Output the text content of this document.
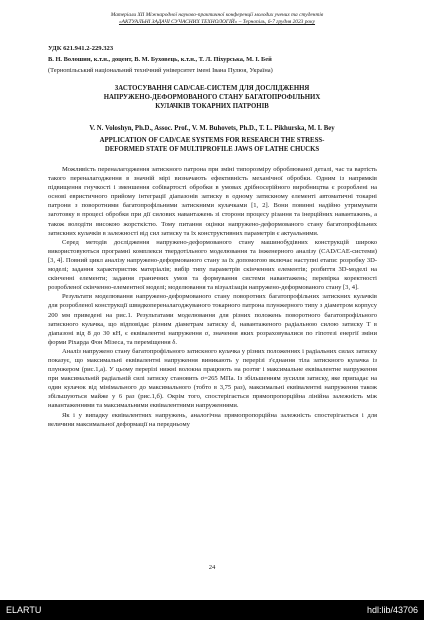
Матеріали XII Міжнародної науково-практичної конференції молодих учених та студентів
«АКТУАЛЬНІ ЗАДАЧІ СУЧАСНИХ ТЕХНОЛОГІЙ» – Тернопіль, 6-7 грудня 2023 року
УДК 621.941.2-229.323
В. Н. Волошин, к.т.н., доцент, В. М. Буховець, к.т.н., Т. Л. Піхурська, М. І. Бей
(Тернопільський національний технічний університет імені Івана Пулюя, Україна)
ЗАСТОСУВАННЯ CAD/CAE-СИСТЕМ ДЛЯ ДОСЛІДЖЕННЯ
НАПРУЖЕНО-ДЕФОРМОВАНОГО СТАНУ БАГАТОПРОФІЛЬНИХ
КУЛАЧКІВ ТОКАРНИХ ПАТРОНІВ
V. N. Voloshyn, Ph.D., Assoc. Prof., V. M. Buhovets, Ph.D., T. L. Pikhurska, M. I. Bey
APPLICATION OF CAD/CAE SYSTEMS FOR RESEARCH THE STRESS-
DEFORMED STATE OF MULTIPROFILE JAWS OF LATHE CHUCKS

Можливість переналагодження затискного патрона при зміні типорозміру оброблюваної деталі, час та вартість такого переналагодження в значній мірі визначають ефективність механічної обробки. Одним із напрямків підвищення гнучкості і зменшення собівартості обробки в умовах дрібносерійного виробництва є розроблені на основі евристичного прийому інтеграції діапазонів затиску в одному затискному елементі автоматичні токарні патрони з поворотними багатопрофільними затискними кулачками [1, 2]. Вони повинні надійно утримувати заготовку в процесі обробки при дії силових навантажень зі сторони процесу різання та інерційних навантажень, а також володіти високою жорсткістю. Тому питання оцінки напружено-деформованого стану багатопрофільних затискних кулачків в залежності від сил затиску та їх конструктивних параметрів є актуальними.

Серед методів дослідження напружено-деформованого стану машинобудівних конструкцій широко використовуються програмні комплекси твердотільного моделювання та інженерного аналізу (CAD/CAE-системи) [3, 4]. Повний цикл аналізу напружено-деформованого стану за їх допомогою включає наступні етапи: розробку 3D-моделі; задання характеристик матеріалів; вибір типу параметрів скінченних елементів; розбиття 3D-моделі на скінченні елементи; задання граничних умов та формування системи навантажень; перевірка коректності розробленої скінченно-елементної моделі; моделювання та візуалізація напружено-деформованого стану [3, 4].

Результати моделювання напружено-деформованого стану поворотних багатопрофільних затискних кулачків для розробленої конструкції швидкопереналагоджуваного токарного патрона плунжерного типу з діаметром корпусу 200 мм приведені на рис.1. Результатами моделювання для різних положень поворотного багатопрофільного затискного кулачка, що відповідає різним діаметрам затиску d, навантаженого радіальною силою затиску T в діапазоні від 8 до 30 кН, є еквівалентні напруження σ, значення яких розраховувалися по гіпотезі енергії зміни форми Ріхарда Фон Мізеса, та переміщення δ.

Аналіз напружено стану багатопрофільного затискного кулачка у різних положеннях і радіальних силах затиску показує, що максимальні еквівалентні напруження виникають у перерізі з'єднання тіла затискного кулачка із плунжером (рис.1,а). У цьому перерізі нижні волокна працюють на розтяг і максимальне еквівалентне напруження при максимальній радіальній силі затиску становить σ=265 МПа. Із збільшенням зусилля затиску, яке припадає на один кулачок від мінімального до максимального (тобто в 3,75 раз), максимальні еквівалентні напруження також збільшуються майже у 6 раз (рис.1,б). Окрім того, спостерігається прямопропорційна лінійна залежність між навантаженнями та максимальними еквівалентними напруженнями.

Як і у випадку еквівалентних напружень, аналогічна прямопропорційна залежність спостерігається і для величини максимальної деформації на передньому

24
ELARTU	hdl:lib/43706
